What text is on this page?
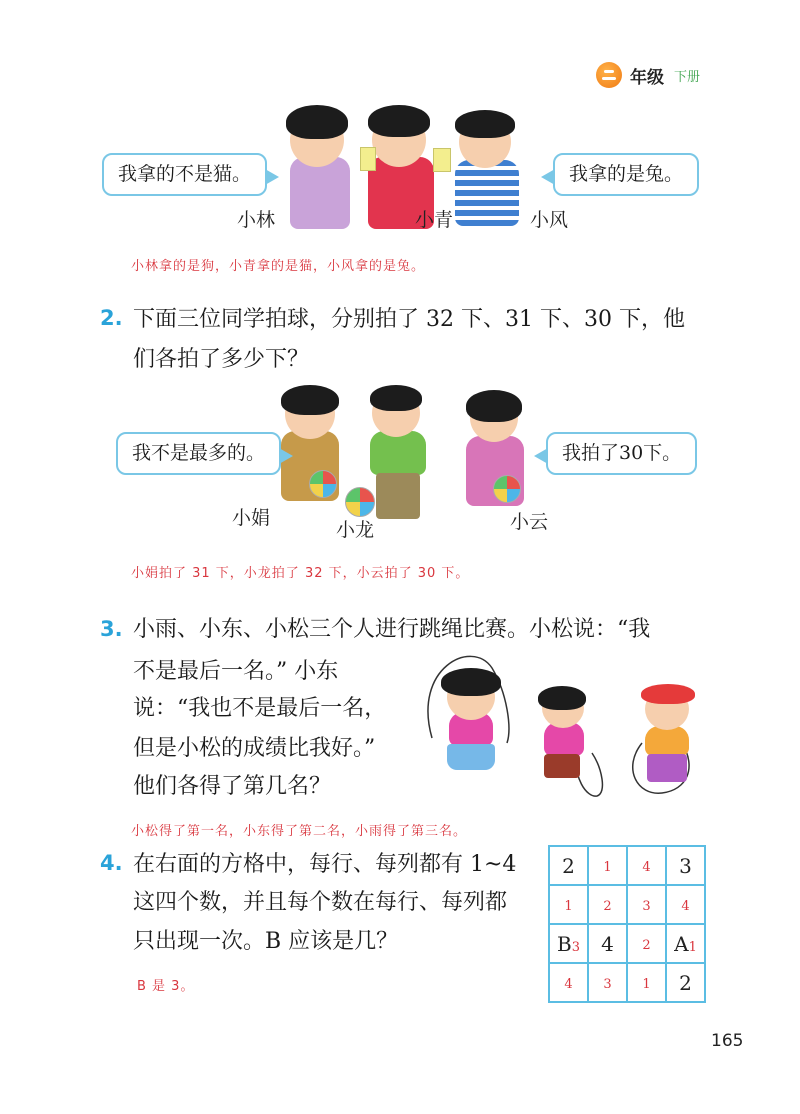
年级 下册
我拿的不是猫。	我拿的是兔。
小林	小青	小风
小林拿的是狗，小青拿的是猫，小风拿的是兔。
2. 下面三位同学拍球，分别拍了 32 下、31 下、30 下，他
们各拍了多少下？
我不是最多的。	我拍了30下。
小娟
小龙	小云
小娟拍了 31 下，小龙拍了 32 下，小云拍了 30 下。
3. 小雨、小东、小松三个人进行跳绳比赛。小松说：“我
不是最后一名。” 小东
说：“我也不是最后一名，
但是小松的成绩比我好。”
他们各得了第几名？
小松得了第一名，小东得了第二名，小雨得了第三名。
4. 在右面的方格中，每行、每列都有 1~4
这四个数，并且每个数在每行、每列都
只出现一次。B 应该是几？
B 是 3。
2	1	4	3
1	2	3	4
B3	4	2	A1
4	3	1	2
165
